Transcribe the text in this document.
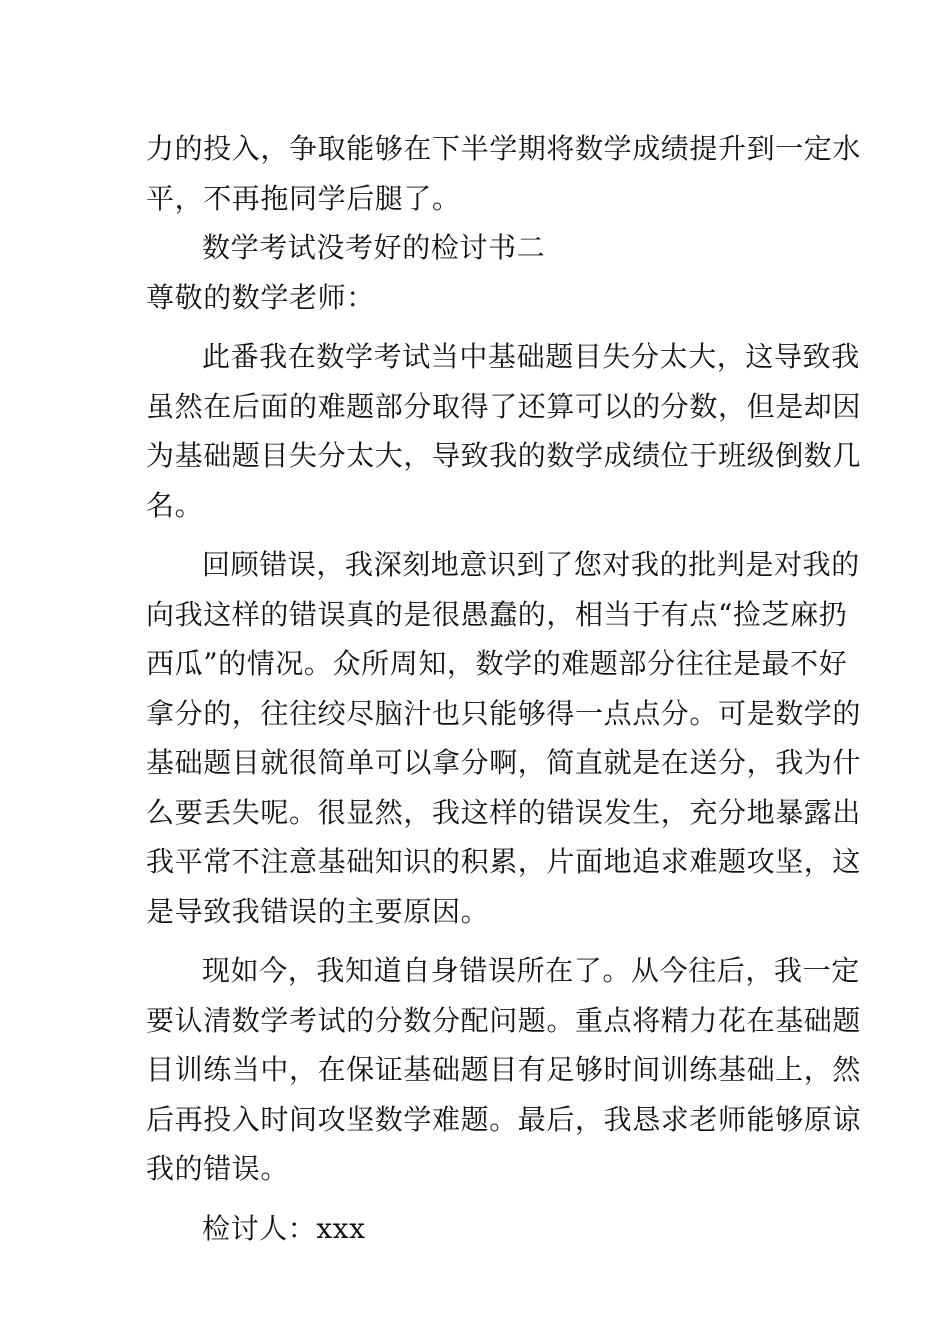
力的投入，争取能够在下半学期将数学成绩提升到一定水
平，不再拖同学后腿了。
数学考试没考好的检讨书二
尊敬的数学老师：
此番我在数学考试当中基础题目失分太大，这导致我
虽然在后面的难题部分取得了还算可以的分数，但是却因
为基础题目失分太大，导致我的数学成绩位于班级倒数几
名。
回顾错误，我深刻地意识到了您对我的批判是对我的
向我这样的错误真的是很愚蠢的，相当于有点“捡芝麻扔
西瓜”的情况。众所周知，数学的难题部分往往是最不好
拿分的，往往绞尽脑汁也只能够得一点点分。可是数学的
基础题目就很简单可以拿分啊，简直就是在送分，我为什
么要丢失呢。很显然，我这样的错误发生，充分地暴露出
我平常不注意基础知识的积累，片面地追求难题攻坚，这
是导致我错误的主要原因。
现如今，我知道自身错误所在了。从今往后，我一定
要认清数学考试的分数分配问题。重点将精力花在基础题
目训练当中，在保证基础题目有足够时间训练基础上，然
后再投入时间攻坚数学难题。最后，我恳求老师能够原谅
我的错误。
检讨人：xxx
